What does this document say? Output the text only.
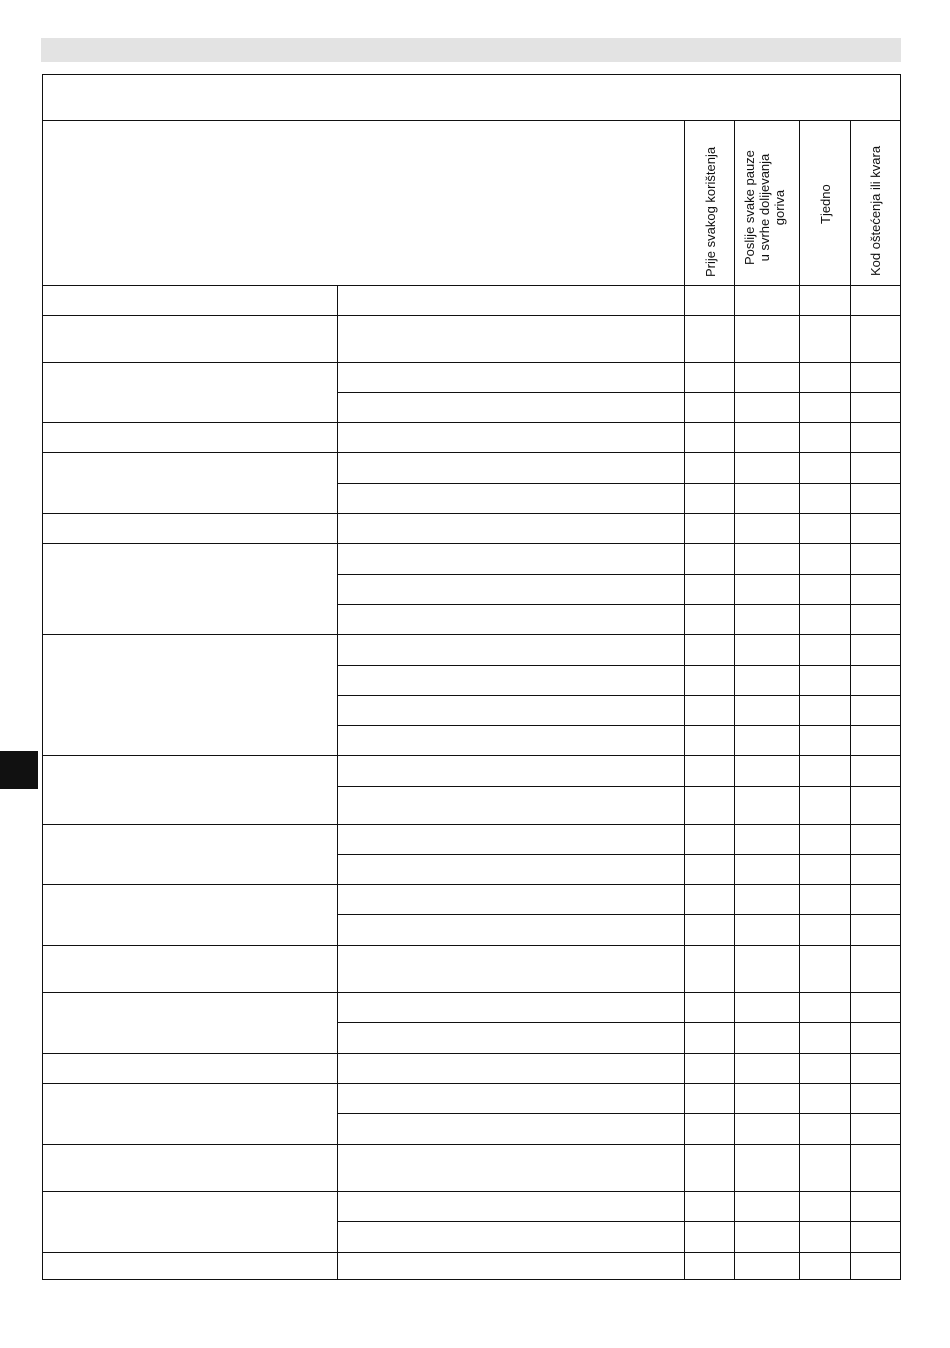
Prije svakog korištenja Poslije svake pauze u svrhe dolijevanja goriva Tjedno	Kod oštećenja ili kvara
